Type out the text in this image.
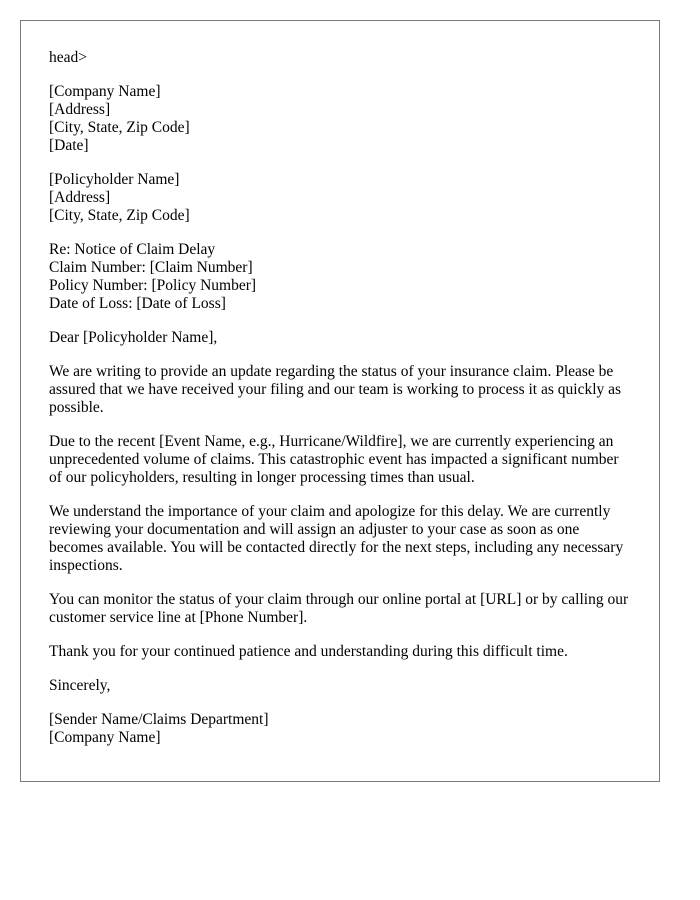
head>
[Company Name]
[Address]
[City, State, Zip Code]
[Date]
[Policyholder Name]
[Address]
[City, State, Zip Code]
Re: Notice of Claim Delay
Claim Number: [Claim Number]
Policy Number: [Policy Number]
Date of Loss: [Date of Loss]

Dear [Policyholder Name],

We are writing to provide an update regarding the status of your insurance claim. Please be assured that we have received your filing and our team is working to process it as quickly as possible.

Due to the recent [Event Name, e.g., Hurricane/Wildfire], we are currently experiencing an unprecedented volume of claims. This catastrophic event has impacted a significant number of our policyholders, resulting in longer processing times than usual.

We understand the importance of your claim and apologize for this delay. We are currently reviewing your documentation and will assign an adjuster to your case as soon as one becomes available. You will be contacted directly for the next steps, including any necessary inspections.

You can monitor the status of your claim through our online portal at [URL] or by calling our customer service line at [Phone Number].

Thank you for your continued patience and understanding during this difficult time.

Sincerely,

[Sender Name/Claims Department]
[Company Name]
